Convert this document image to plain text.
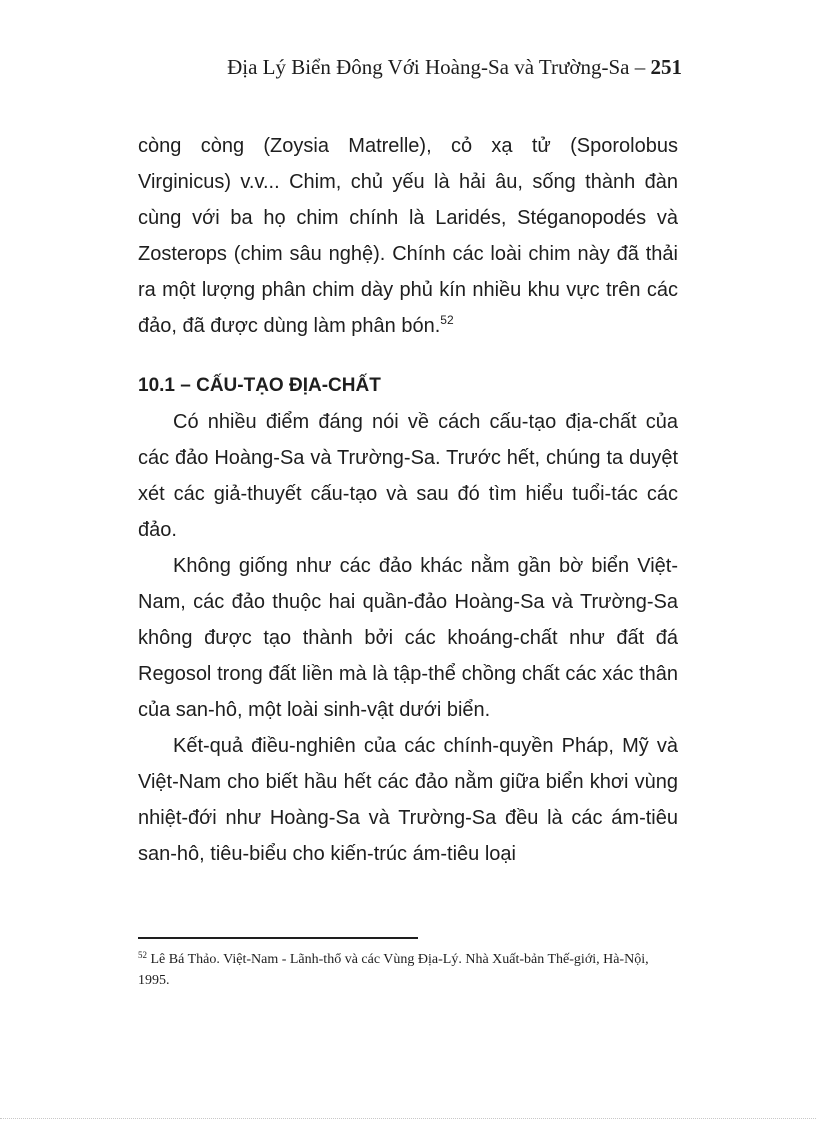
Địa Lý Biển Đông Với Hoàng-Sa và Trường-Sa – 251

còng còng (Zoysia Matrelle), cỏ xạ tử (Sporolobus Virginicus) v.v... Chim, chủ yếu là hải âu, sống thành đàn cùng với ba họ chim chính là Laridés, Stéganopodés và Zosterops (chim sâu nghệ). Chính các loài chim này đã thải ra một lượng phân chim dày phủ kín nhiều khu vực trên các đảo, đã được dùng làm phân bón.$^{52}$

10.1 – CẤU-TẠO ĐỊA-CHẤT

Có nhiều điểm đáng nói về cách cấu-tạo địa-chất của các đảo Hoàng-Sa và Trường-Sa. Trước hết, chúng ta duyệt xét các giả-thuyết cấu-tạo và sau đó tìm hiểu tuổi-tác các đảo.

Không giống như các đảo khác nằm gần bờ biển Việt-Nam, các đảo thuộc hai quần-đảo Hoàng-Sa và Trường-Sa không được tạo thành bởi các khoáng-chất như đất đá Regosol trong đất liền mà là tập-thể chồng chất các xác thân của san-hô, một loài sinh-vật dưới biển.

Kết-quả điều-nghiên của các chính-quyền Pháp, Mỹ và Việt-Nam cho biết hầu hết các đảo nằm giữa biển khơi vùng nhiệt-đới như Hoàng-Sa và Trường-Sa đều là các ám-tiêu san-hô, tiêu-biểu cho kiến-trúc ám-tiêu loại

$^{52}$ Lê Bá Thảo. Việt-Nam - Lãnh-thổ và các Vùng Địa-Lý. Nhà Xuất-bản Thế-giới, Hà-Nội, 1995.
